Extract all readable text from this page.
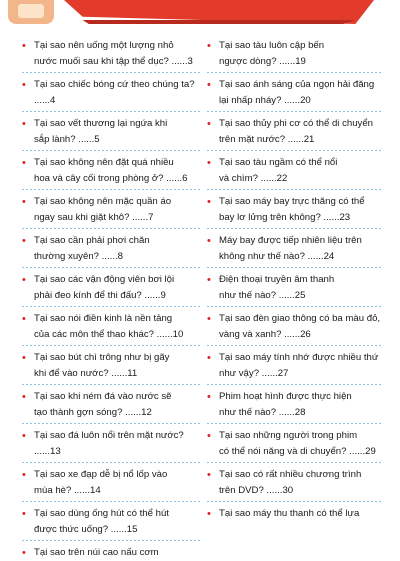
• Tại sao nên uống một lượng nhỏ
nước muối sau khi tập thể dục? ......3
• Tại sao chiếc bóng cứ theo chúng ta? ......4
• Tại sao vết thương lại ngứa khi
sắp lành? ......5
• Tại sao không nên đặt quá nhiều
hoa và cây cối trong phòng ở? ......6
• Tại sao không nên mặc quần áo
ngay sau khi giặt khô? ......7
• Tại sao cần phải phơi chăn
thường xuyên? ......8
• Tại sao các vận động viên bơi lội
phải đeo kính để thi đấu? ......9
• Tại sao nói điền kinh là nền tảng
của các môn thể thao khác? ......10
• Tại sao bút chì trông như bị gãy
khi để vào nước? ......11
• Tại sao khi ném đá vào nước sẽ
tạo thành gợn sóng? ......12
• Tại sao đá luôn nổi trên mặt nước? ......13
• Tại sao xe đạp dễ bị nổ lốp vào
mùa hè? ......14
• Tại sao dùng ống hút có thể hút
được thức uống? ......15
• Tại sao trên núi cao nấu cơm
• Tại sao tàu luôn cập bến
ngược dòng? ......19
• Tại sao ánh sáng của ngọn hải đăng
lại nhấp nháy? ......20
• Tại sao thủy phi cơ có thể di chuyển
trên mặt nước? ......21
• Tại sao tàu ngầm có thể nổi
và chìm? ......22
• Tại sao máy bay trực thăng có thể
bay lơ lửng trên không? ......23
• Máy bay được tiếp nhiên liệu trên
không như thế nào? ......24
• Điện thoại truyền âm thanh
như thế nào? ......25
• Tại sao đèn giao thông có ba màu đỏ,
vàng và xanh? ......26
• Tại sao máy tính nhớ được nhiều thứ
như vậy? ......27
• Phim hoạt hình được thực hiện
như thế nào? ......28
• Tại sao những người trong phim
có thể nói năng và di chuyển? ......29
• Tại sao có rất nhiều chương trình
trên DVD? ......30
• Tại sao máy thu thanh có thể lựa
